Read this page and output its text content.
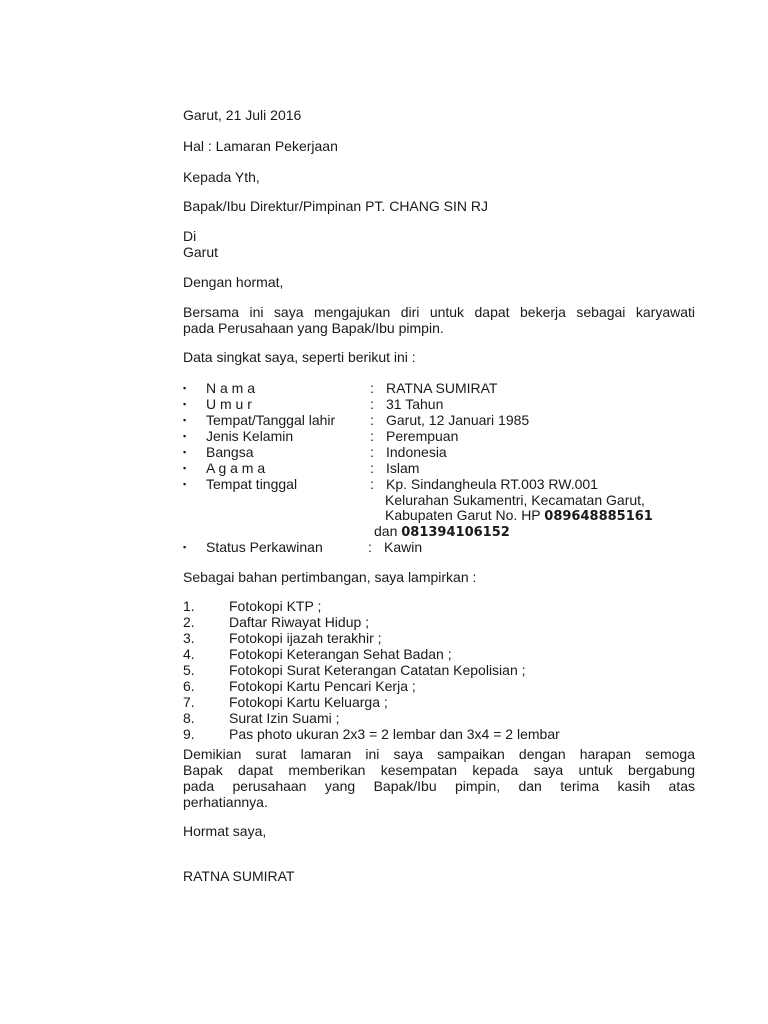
Garut, 21 Juli 2016
Hal : Lamaran Pekerjaan
Kepada Yth,
Bapak/Ibu Direktur/Pimpinan PT. CHANG SIN RJ
Di
Garut
Dengan hormat,
Bersama ini saya mengajukan diri untuk dapat bekerja sebagai karyawati
pada Perusahaan yang Bapak/Ibu pimpin.
Data singkat saya, seperti berikut ini :
▪ N a m a	: RATNA SUMIRAT
▪ U m u r	: 31 Tahun
▪ Tempat/Tanggal lahir : Garut, 12 Januari 1985
▪ Jenis Kelamin	: Perempuan
▪ Bangsa	: Indonesia
▪ A g a m a	: Islam
▪ Tempat tinggal	: Kp. Sindangheula RT.003 RW.001
Kelurahan Sukamentri, Kecamatan Garut,
Kabupaten Garut No. HP 089648885161
dan 081394106152
▪ Status Perkawinan	: Kawin
Sebagai bahan pertimbangan, saya lampirkan :
1. Fotokopi KTP ;
2. Daftar Riwayat Hidup ;
3. Fotokopi ijazah terakhir ;
4. Fotokopi Keterangan Sehat Badan ;
5. Fotokopi Surat Keterangan Catatan Kepolisian ;
6. Fotokopi Kartu Pencari Kerja ;
7. Fotokopi Kartu Keluarga ;
8. Surat Izin Suami ;
9. Pas photo ukuran 2x3 = 2 lembar dan 3x4 = 2 lembar
Demikian surat lamaran ini saya sampaikan dengan harapan semoga
Bapak dapat memberikan kesempatan kepada saya untuk bergabung
pada perusahaan yang Bapak/Ibu pimpin, dan terima kasih atas
perhatiannya.
Hormat saya,
RATNA SUMIRAT
